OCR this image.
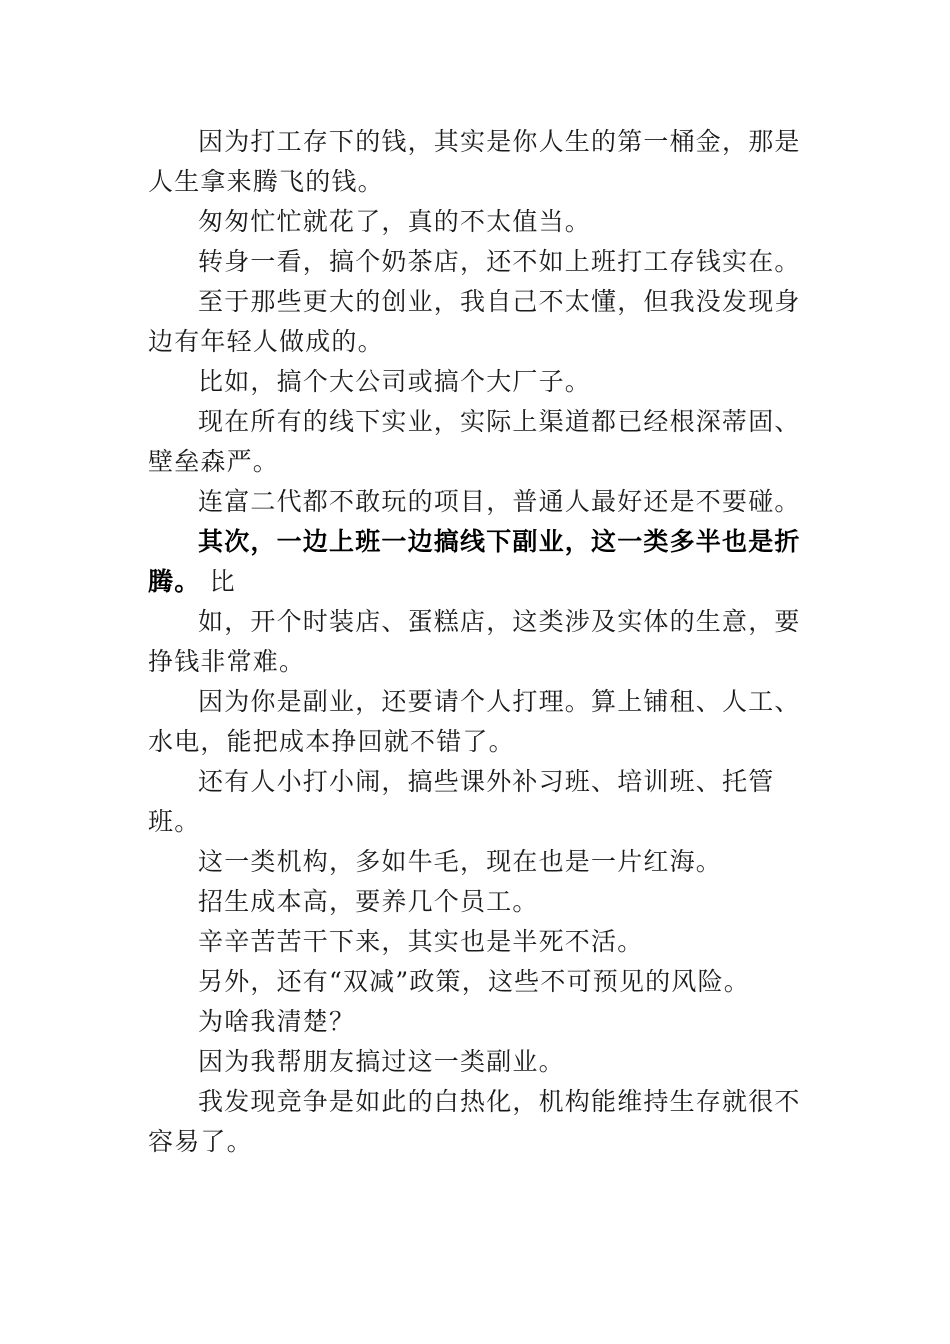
因为打工存下的钱，其实是你人生的第一桶金，那是人生拿来腾飞的钱。

匆匆忙忙就花了，真的不太值当。

转身一看，搞个奶茶店，还不如上班打工存钱实在。

至于那些更大的创业，我自己不太懂，但我没发现身边有年轻人做成的。

比如，搞个大公司或搞个大厂子。

现在所有的线下实业，实际上渠道都已经根深蒂固、壁垒森严。

连富二代都不敢玩的项目，普通人最好还是不要碰。

其次，一边上班一边搞线下副业，这一类多半也是折腾。 比

如，开个时装店、蛋糕店，这类涉及实体的生意，要

挣钱非常难。

因为你是副业，还要请个人打理。算上铺租、人工、水电，能把成本挣回就不错了。

还有人小打小闹，搞些课外补习班、培训班、托管班。

这一类机构，多如牛毛，现在也是一片红海。

招生成本高，要养几个员工。

辛辛苦苦干下来，其实也是半死不活。

另外，还有“双减”政策，这些不可预见的风险。

为啥我清楚？

因为我帮朋友搞过这一类副业。

我发现竞争是如此的白热化，机构能维持生存就很不容易了。
